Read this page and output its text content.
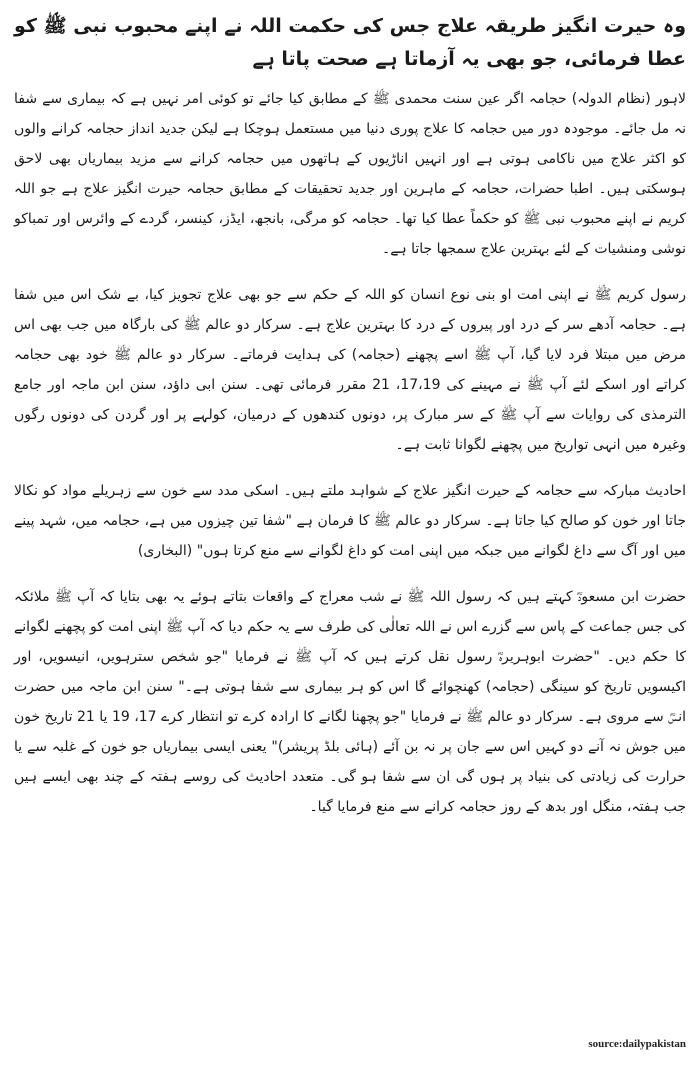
وہ حیرت انگیز طریقہ علاج جس کی حکمت اللہ نے اپنے محبوب نبی ﷺ کو عطا فرمائی، جو بھی یہ آزماتا ہے صحت پاتا ہے

لاہور (نظام الدولہ) حجامہ اگر عین سنت محمدی ﷺ کے مطابق کیا جائے تو کوئی امر نہیں ہے کہ بیماری سے شفا نہ مل جائے۔ موجودہ دور میں حجامہ کا علاج پوری دنیا میں مستعمل ہوچکا ہے لیکن جدید انداز حجامہ کرانے والوں کو اکثر علاج میں ناکامی ہوتی ہے اور انہیں اناڑیوں کے ہاتھوں میں حجامہ کرانے سے مزید بیماریاں بھی لاحق ہوسکتی ہیں۔ اطبا حضرات، حجامہ کے ماہرین اور جدید تحقیقات کے مطابق حجامہ حیرت انگیز علاج ہے جو اللہ کریم نے اپنے محبوب نبی ﷺ کو حکماً عطا کیا تھا۔ حجامہ کو مرگی، بانجھ، ایڈز، کینسر، گردے کے وائرس اور تمباکو نوشی ومنشیات کے لئے بہترین علاج سمجھا جاتا ہے۔

رسول کریم ﷺ نے اپنی امت او بنی نوع انسان کو اللہ کے حکم سے جو بھی علاج تجویز کیا، بے شک اس میں شفا ہے۔ حجامہ آدھے سر کے درد اور پیروں کے درد کا بہترین علاج ہے۔ سرکار دو عالم ﷺ کی بارگاہ میں جب بھی اس مرض میں مبتلا فرد لایا گیا، آپ ﷺ اسے پچھنے (حجامہ) کی ہدایت فرماتے۔ سرکار دو عالم ﷺ خود بھی حجامہ کراتے اور اسکے لئے آپ ﷺ نے مہینے کی 17،19، 21 مقرر فرمائی تھی۔ سنن ابی داؤد، سنن ابن ماجہ اور جامع الترمذی کی روایات سے آپ ﷺ کے سر مبارک پر، دونوں کندھوں کے درمیان، کولہے پر اور گردن کی دونوں رگوں وغیرہ میں انہی تواریخ میں پچھنے لگوانا ثابت ہے۔

احادیث مبارکہ سے حجامہ کے حیرت انگیز علاج کے شواہد ملتے ہیں۔ اسکی مدد سے خون سے زہریلے مواد کو نکالا جاتا اور خون کو صالح کیا جاتا ہے۔ سرکار دو عالم ﷺ کا فرمان ہے "شفا تین چیزوں میں ہے، حجامہ میں، شہد پینے میں اور آگ سے داغ لگوانے میں جبکہ میں اپنی امت کو داغ لگوانے سے منع کرتا ہوں" (البخاری)

حضرت ابن مسعودؓ کہتے ہیں کہ رسول اللہ ﷺ نے شب معراج کے واقعات بتاتے ہوئے یہ بھی بتایا کہ آپ ﷺ ملائکہ کی جس جماعت کے پاس سے گزرے اس نے اللہ تعالٰی کی طرف سے یہ حکم دیا کہ آپ ﷺ اپنی امت کو پچھنے لگوانے کا حکم دیں۔ "حضرت ابوہریرہؓ رسول نقل کرتے ہیں کہ آپ ﷺ نے فرمایا "جو شخص سترہویں، انیسویں، اور اکیسویں تاریخ کو سینگی (حجامہ) کھنچوائے گا اس کو ہر بیماری سے شفا ہوتی ہے۔" سنن ابن ماجہ میں حضرت انسؓ سے مروی ہے۔ سرکار دو عالم ﷺ نے فرمایا "جو پچھنا لگانے کا ارادہ کرے تو انتظار کرے 17، 19 یا 21 تاریخ خون میں جوش نہ آنے دو کہیں اس سے جان پر نہ بن آئے (ہائی بلڈ پریشر)" یعنی ایسی بیماریاں جو خون کے غلبہ سے یا حرارت کی زیادتی کی بنیاد پر ہوں گی ان سے شفا ہو گی۔ متعدد احادیث کی روسے ہفتہ کے چند بھی ایسے ہیں جب ہفتہ، منگل اور بدھ کے روز حجامہ کرانے سے منع فرمایا گیا۔

source:dailypakistan
